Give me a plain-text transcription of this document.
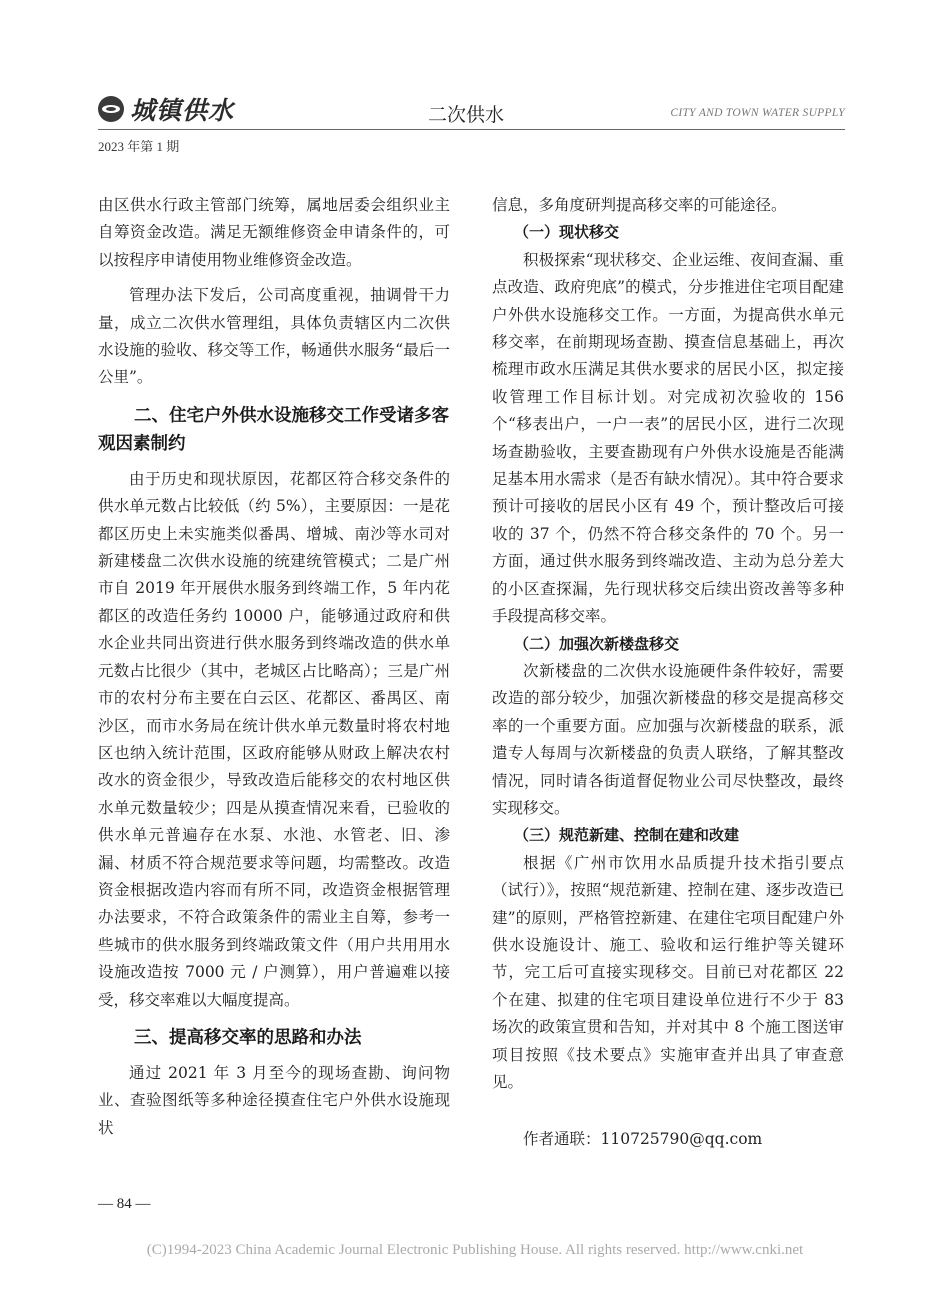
城镇供水	二次供水	CITY AND TOWN WATER SUPPLY
2023 年第 1 期

由区供水行政主管部门统筹，属地居委会组织业主自筹资金改造。满足无额维修资金申请条件的，可以按程序申请使用物业维修资金改造。

管理办法下发后，公司高度重视，抽调骨干力量，成立二次供水管理组，具体负责辖区内二次供水设施的验收、移交等工作，畅通供水服务“最后一公里”。

二、住宅户外供水设施移交工作受诸多客观因素制约

由于历史和现状原因，花都区符合移交条件的供水单元数占比较低（约 5%），主要原因：一是花都区历史上未实施类似番禺、增城、南沙等水司对新建楼盘二次供水设施的统建统管模式；二是广州市自 2019 年开展供水服务到终端工作，5 年内花都区的改造任务约 10000 户，能够通过政府和供水企业共同出资进行供水服务到终端改造的供水单元数占比很少（其中，老城区占比略高）；三是广州市的农村分布主要在白云区、花都区、番禺区、南沙区，而市水务局在统计供水单元数量时将农村地区也纳入统计范围，区政府能够从财政上解决农村改水的资金很少，导致改造后能移交的农村地区供水单元数量较少；四是从摸查情况来看，已验收的供水单元普遍存在水泵、水池、水管老、旧、渗漏、材质不符合规范要求等问题，均需整改。改造资金根据改造内容而有所不同，改造资金根据管理办法要求，不符合政策条件的需业主自筹，参考一些城市的供水服务到终端政策文件（用户共用用水设施改造按 7000 元 / 户测算），用户普遍难以接受，移交率难以大幅度提高。

三、提高移交率的思路和办法

通过 2021 年 3 月至今的现场查勘、询问物业、查验图纸等多种途径摸查住宅户外供水设施现状

信息，多角度研判提高移交率的可能途径。

（一）现状移交

积极探索“现状移交、企业运维、夜间查漏、重点改造、政府兜底”的模式，分步推进住宅项目配建户外供水设施移交工作。一方面，为提高供水单元移交率，在前期现场查勘、摸查信息基础上，再次梳理市政水压满足其供水要求的居民小区，拟定接收管理工作目标计划。对完成初次验收的 156 个“移表出户，一户一表”的居民小区，进行二次现场查勘验收，主要查勘现有户外供水设施是否能满足基本用水需求（是否有缺水情况）。其中符合要求预计可接收的居民小区有 49 个，预计整改后可接收的 37 个，仍然不符合移交条件的 70 个。另一方面，通过供水服务到终端改造、主动为总分差大的小区查探漏，先行现状移交后续出资改善等多种手段提高移交率。

（二）加强次新楼盘移交

次新楼盘的二次供水设施硬件条件较好，需要改造的部分较少，加强次新楼盘的移交是提高移交率的一个重要方面。应加强与次新楼盘的联系，派遣专人每周与次新楼盘的负责人联络，了解其整改情况，同时请各街道督促物业公司尽快整改，最终实现移交。

（三）规范新建、控制在建和改建

根据《广州市饮用水品质提升技术指引要点（试行）》，按照“规范新建、控制在建、逐步改造已建”的原则，严格管控新建、在建住宅项目配建户外供水设施设计、施工、验收和运行维护等关键环节，完工后可直接实现移交。目前已对花都区 22 个在建、拟建的住宅项目建设单位进行不少于 83 场次的政策宣贯和告知，并对其中 8 个施工图送审项目按照《技术要点》实施审查并出具了审查意见。

作者通联：110725790@qq.com

— 84 —
(C)1994-2023 China Academic Journal Electronic Publishing House. All rights reserved. http://www.cnki.net
